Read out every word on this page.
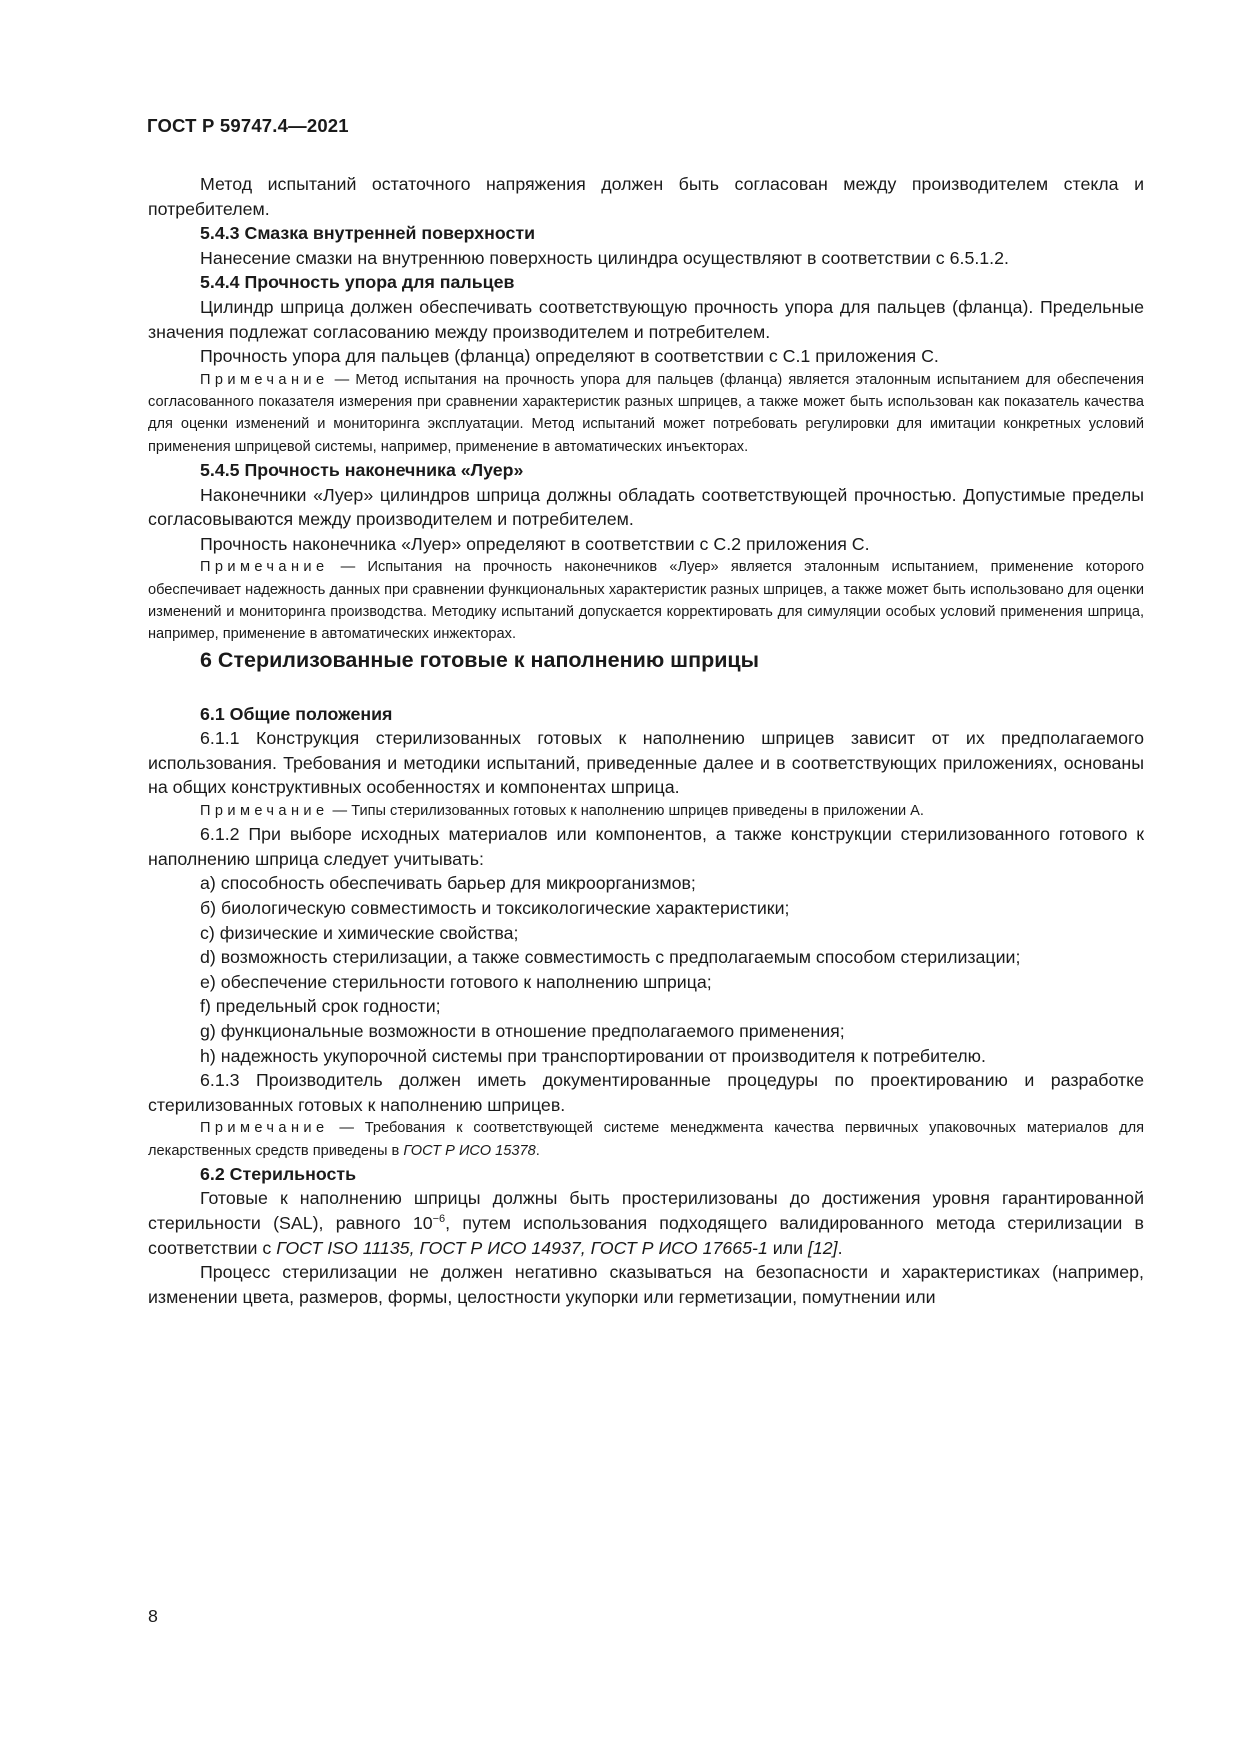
ГОСТ Р 59747.4—2021

Метод испытаний остаточного напряжения должен быть согласован между производителем стекла и потребителем.

5.4.3 Смазка внутренней поверхности

Нанесение смазки на внутреннюю поверхность цилиндра осуществляют в соответствии с 6.5.1.2.

5.4.4 Прочность упора для пальцев

Цилиндр шприца должен обеспечивать соответствующую прочность упора для пальцев (фланца). Предельные значения подлежат согласованию между производителем и потребителем.

Прочность упора для пальцев (фланца) определяют в соответствии с С.1 приложения С.

Примечание — Метод испытания на прочность упора для пальцев (фланца) является эталонным испытанием для обеспечения согласованного показателя измерения при сравнении характеристик разных шприцев, а также может быть использован как показатель качества для оценки изменений и мониторинга эксплуатации. Метод испытаний может потребовать регулировки для имитации конкретных условий применения шприцевой системы, например, применение в автоматических инъекторах.

5.4.5 Прочность наконечника «Луер»

Наконечники «Луер» цилиндров шприца должны обладать соответствующей прочностью. Допустимые пределы согласовываются между производителем и потребителем.

Прочность наконечника «Луер» определяют в соответствии с С.2 приложения С.

Примечание — Испытания на прочность наконечников «Луер» является эталонным испытанием, применение которого обеспечивает надежность данных при сравнении функциональных характеристик разных шприцев, а также может быть использовано для оценки изменений и мониторинга производства. Методику испытаний допускается корректировать для симуляции особых условий применения шприца, например, применение в автоматических инжекторах.

6 Стерилизованные готовые к наполнению шприцы

6.1 Общие положения

6.1.1 Конструкция стерилизованных готовых к наполнению шприцев зависит от их предполагаемого использования. Требования и методики испытаний, приведенные далее и в соответствующих приложениях, основаны на общих конструктивных особенностях и компонентах шприца.

Примечание — Типы стерилизованных готовых к наполнению шприцев приведены в приложении А.

6.1.2 При выборе исходных материалов или компонентов, а также конструкции стерилизованного готового к наполнению шприца следует учитывать:

a) способность обеспечивать барьер для микроорганизмов;

б) биологическую совместимость и токсикологические характеристики;

c) физические и химические свойства;

d) возможность стерилизации, а также совместимость с предполагаемым способом стерилизации;

e) обеспечение стерильности готового к наполнению шприца;

f) предельный срок годности;

g) функциональные возможности в отношение предполагаемого применения;

h) надежность укупорочной системы при транспортировании от производителя к потребителю.

6.1.3 Производитель должен иметь документированные процедуры по проектированию и разработке стерилизованных готовых к наполнению шприцев.

Примечание — Требования к соответствующей системе менеджмента качества первичных упаковочных материалов для лекарственных средств приведены в ГОСТ Р ИСО 15378.

6.2 Стерильность

Готовые к наполнению шприцы должны быть простерилизованы до достижения уровня гарантированной стерильности (SAL), равного $10^{-6}$, путем использования подходящего валидированного метода стерилизации в соответствии с ГОСТ ISO 11135, ГОСТ Р ИСО 14937, ГОСТ Р ИСО 17665-1 или [12].

Процесс стерилизации не должен негативно сказываться на безопасности и характеристиках (например, изменении цвета, размеров, формы, целостности укупорки или герметизации, помутнении или

8
